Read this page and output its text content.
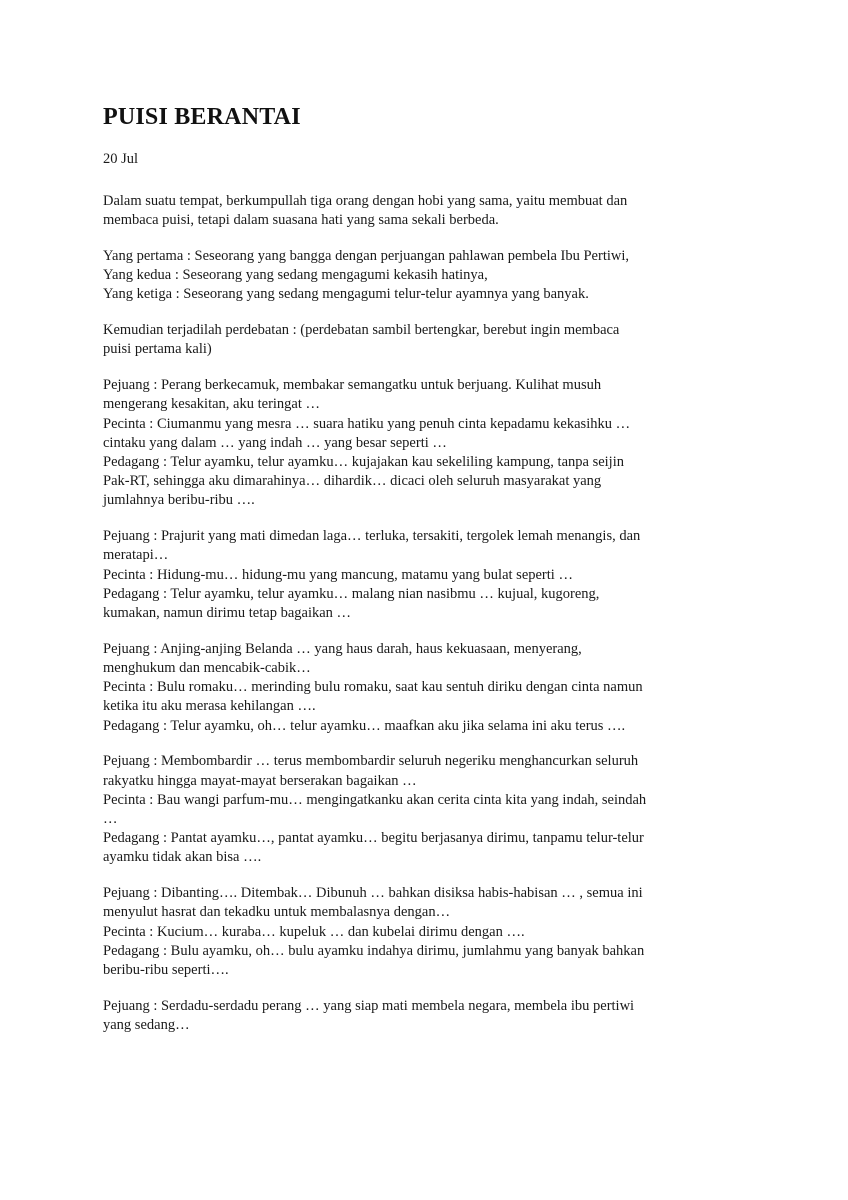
PUISI BERANTAI
20 Jul

Dalam suatu tempat, berkumpullah tiga orang dengan hobi yang sama, yaitu membuat dan
membaca puisi, tetapi dalam suasana hati yang sama sekali berbeda.

Yang pertama : Seseorang yang bangga dengan perjuangan pahlawan pembela Ibu Pertiwi,
Yang kedua : Seseorang yang sedang mengagumi kekasih hatinya,
Yang ketiga : Seseorang yang sedang mengagumi telur-telur ayamnya yang banyak.

Kemudian terjadilah perdebatan : (perdebatan sambil bertengkar, berebut ingin membaca
puisi pertama kali)

Pejuang : Perang berkecamuk, membakar semangatku untuk berjuang. Kulihat musuh
mengerang kesakitan, aku teringat …
Pecinta : Ciumanmu yang mesra … suara hatiku yang penuh cinta kepadamu kekasihku …
cintaku yang dalam … yang indah … yang besar seperti …
Pedagang : Telur ayamku, telur ayamku… kujajakan kau sekeliling kampung, tanpa seijin
Pak-RT, sehingga aku dimarahinya… dihardik… dicaci oleh seluruh masyarakat yang
jumlahnya beribu-ribu ….

Pejuang : Prajurit yang mati dimedan laga… terluka, tersakiti, tergolek lemah menangis, dan
meratapi…
Pecinta : Hidung-mu… hidung-mu yang mancung, matamu yang bulat seperti …
Pedagang : Telur ayamku, telur ayamku… malang nian nasibmu … kujual, kugoreng,
kumakan, namun dirimu tetap bagaikan …

Pejuang : Anjing-anjing Belanda … yang haus darah, haus kekuasaan, menyerang,
menghukum dan mencabik-cabik…
Pecinta : Bulu romaku… merinding bulu romaku, saat kau sentuh diriku dengan cinta namun
ketika itu aku merasa kehilangan ….
Pedagang : Telur ayamku, oh… telur ayamku… maafkan aku jika selama ini aku terus ….

Pejuang : Membombardir … terus membombardir seluruh negeriku menghancurkan seluruh
rakyatku hingga mayat-mayat berserakan bagaikan …
Pecinta : Bau wangi parfum-mu… mengingatkanku akan cerita cinta kita yang indah, seindah
…
Pedagang : Pantat ayamku…, pantat ayamku… begitu berjasanya dirimu, tanpamu telur-telur
ayamku tidak akan bisa ….

Pejuang : Dibanting…. Ditembak… Dibunuh … bahkan disiksa habis-habisan … , semua ini
menyulut hasrat dan tekadku untuk membalasnya dengan…
Pecinta : Kucium… kuraba… kupeluk … dan kubelai dirimu dengan ….
Pedagang : Bulu ayamku, oh… bulu ayamku indahya dirimu, jumlahmu yang banyak bahkan
beribu-ribu seperti….

Pejuang : Serdadu-serdadu perang … yang siap mati membela negara, membela ibu pertiwi
yang sedang…
